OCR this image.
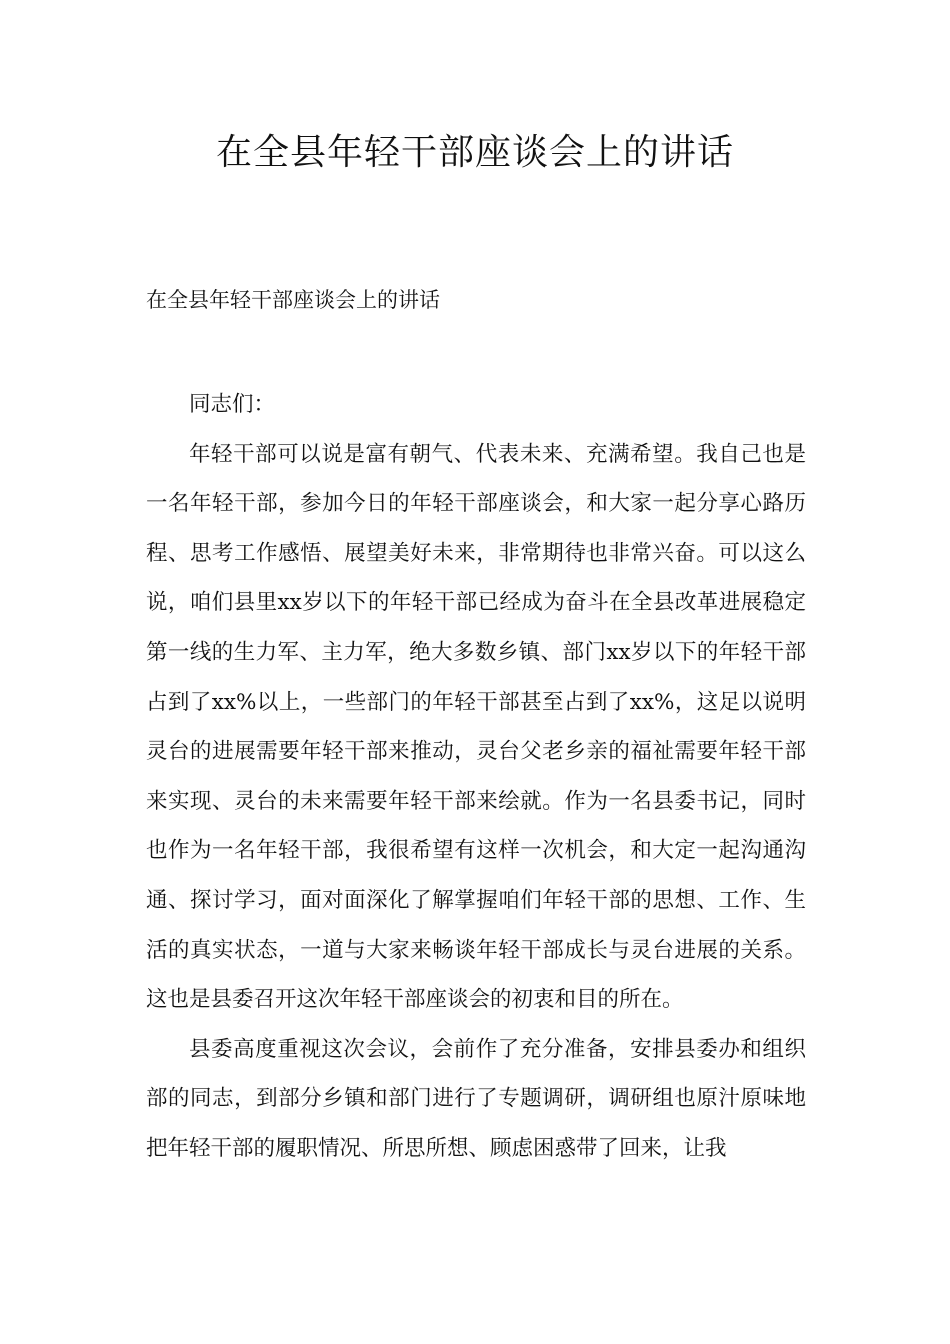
在全县年轻干部座谈会上的讲话
在全县年轻干部座谈会上的讲话

同志们：

年轻干部可以说是富有朝气、代表未来、充满希望。我自己也是一名年轻干部，参加今日的年轻干部座谈会，和大家一起分享心路历程、思考工作感悟、展望美好未来，非常期待也非常兴奋。可以这么说，咱们县里xx岁以下的年轻干部已经成为奋斗在全县改革进展稳定第一线的生力军、主力军，绝大多数乡镇、部门xx岁以下的年轻干部占到了xx%以上，一些部门的年轻干部甚至占到了xx%，这足以说明灵台的进展需要年轻干部来推动，灵台父老乡亲的福祉需要年轻干部来实现、灵台的未来需要年轻干部来绘就。作为一名县委书记，同时也作为一名年轻干部，我很希望有这样一次机会，和大定一起沟通沟通、探讨学习，面对面深化了解掌握咱们年轻干部的思想、工作、生活的真实状态，一道与大家来畅谈年轻干部成长与灵台进展的关系。这也是县委召开这次年轻干部座谈会的初衷和目的所在。

县委高度重视这次会议，会前作了充分准备，安排县委办和组织部的同志，到部分乡镇和部门进行了专题调研，调研组也原汁原味地把年轻干部的履职情况、所思所想、顾虑困惑带了回来，让我
